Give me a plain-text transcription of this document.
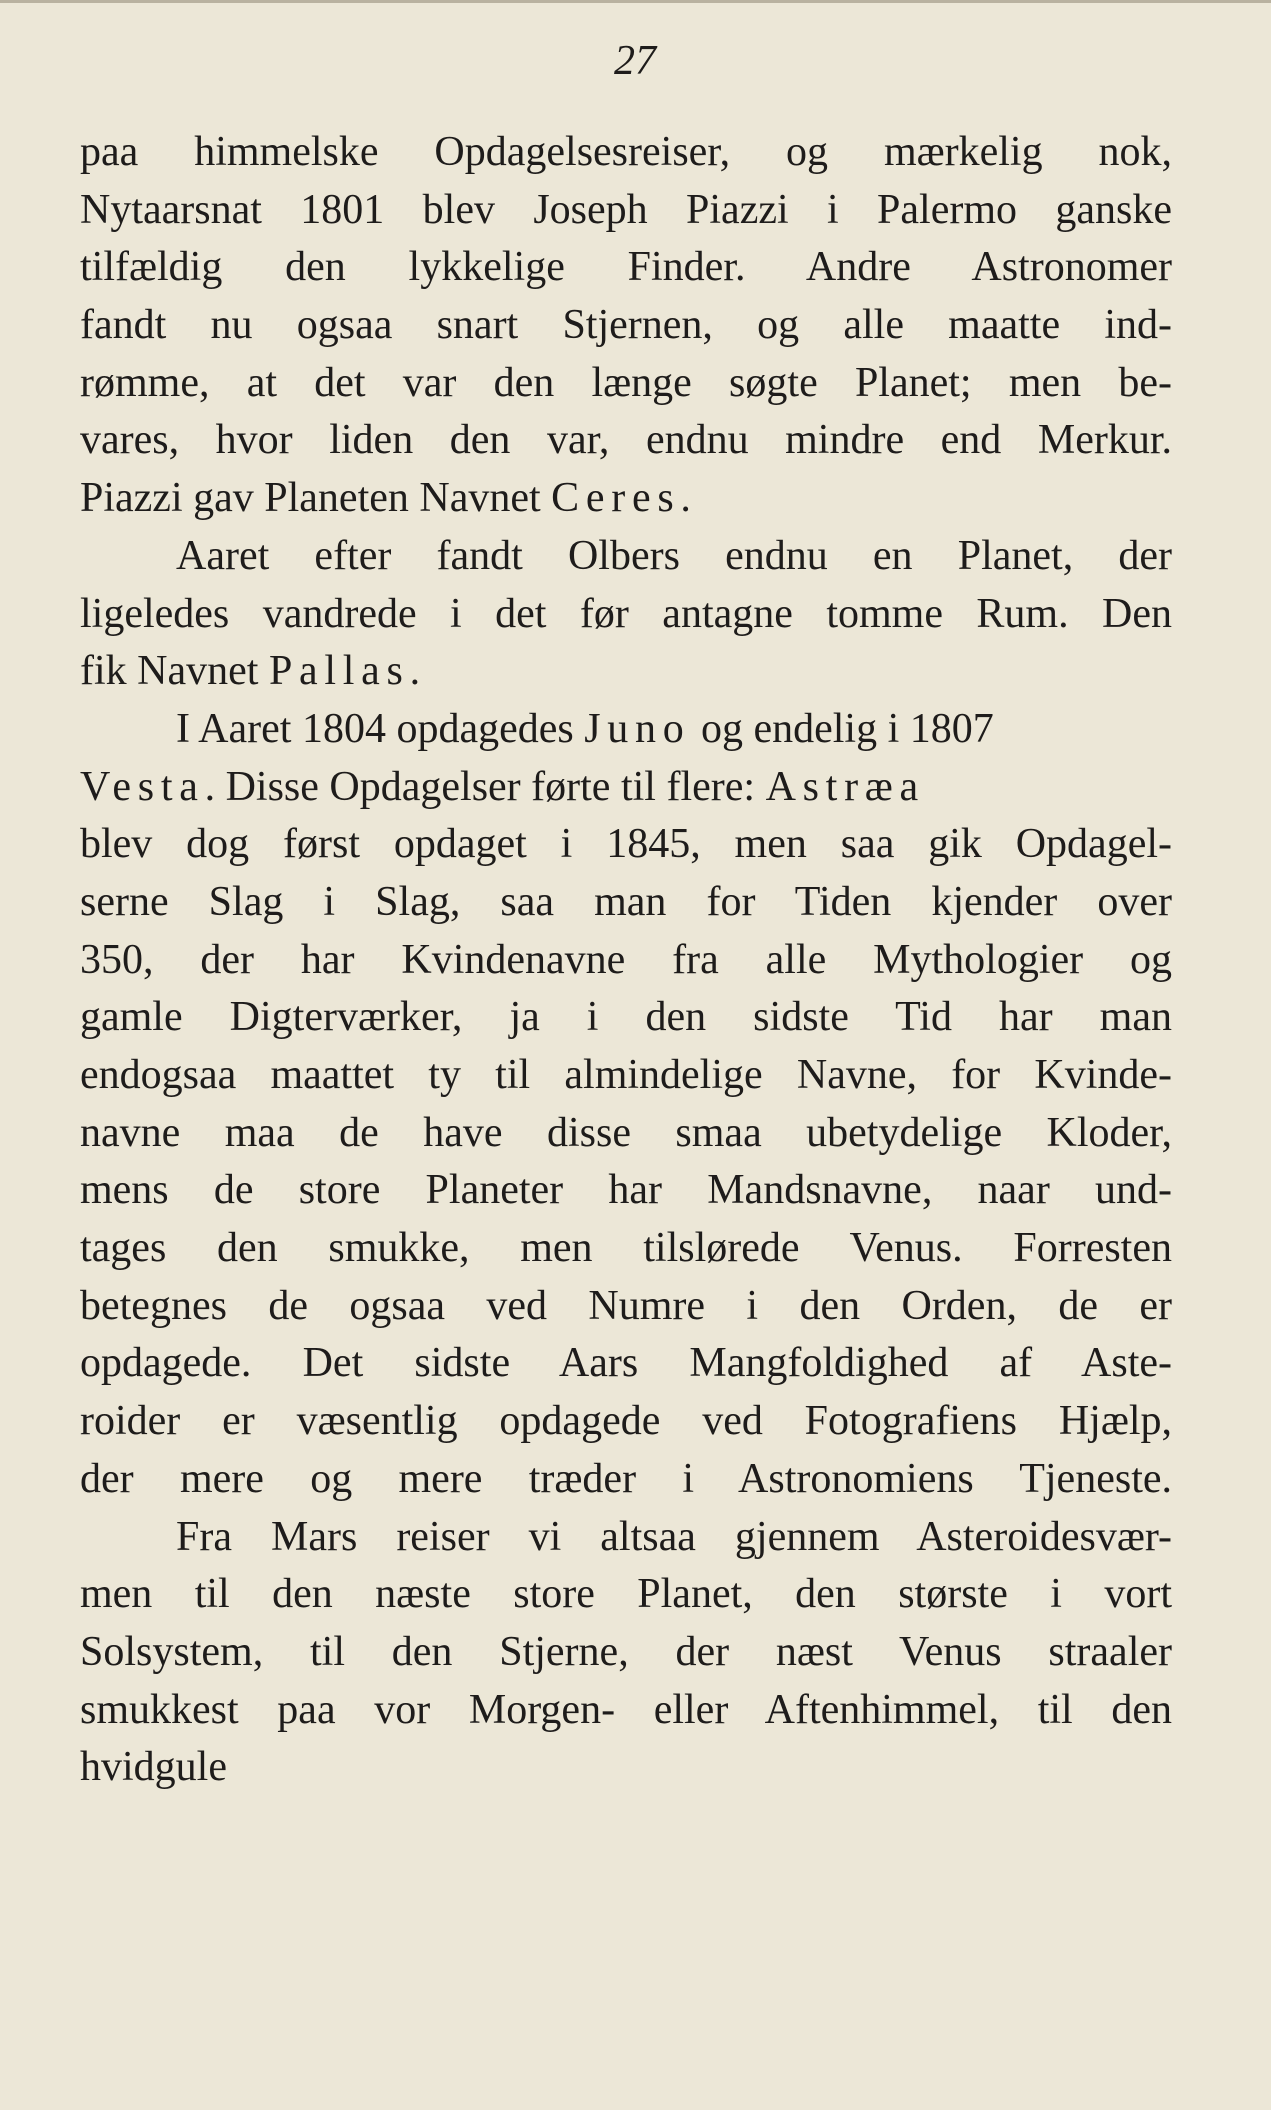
27
paa himmelske Opdagelsesreiser, og mærkelig nok,
Nytaarsnat 1801 blev Joseph Piazzi i Palermo ganske
tilfældig den lykkelige Finder. Andre Astronomer
fandt nu ogsaa snart Stjernen, og alle maatte ind-
rømme, at det var den længe søgte Planet; men be-
vares, hvor liden den var, endnu mindre end Merkur.
Piazzi gav Planeten Navnet Ceres.
Aaret efter fandt Olbers endnu en Planet, der
ligeledes vandrede i det før antagne tomme Rum. Den
fik Navnet Pallas.
I Aaret 1804 opdagedes Juno og endelig i 1807
Vesta. Disse Opdagelser førte til flere: Astræa
blev dog først opdaget i 1845, men saa gik Opdagel-
serne Slag i Slag, saa man for Tiden kjender over
350, der har Kvindenavne fra alle Mythologier og
gamle Digterværker, ja i den sidste Tid har man
endogsaa maattet ty til almindelige Navne, for Kvinde-
navne maa de have disse smaa ubetydelige Kloder,
mens de store Planeter har Mandsnavne, naar und-
tages den smukke, men tilslørede Venus. Forresten
betegnes de ogsaa ved Numre i den Orden, de er
opdagede. Det sidste Aars Mangfoldighed af Aste-
roider er væsentlig opdagede ved Fotografiens Hjælp,
der mere og mere træder i Astronomiens Tjeneste.
Fra Mars reiser vi altsaa gjennem Asteroidesvær-
men til den næste store Planet, den største i vort
Solsystem, til den Stjerne, der næst Venus straaler
smukkest paa vor Morgen- eller Aftenhimmel, til den
hvidgule
